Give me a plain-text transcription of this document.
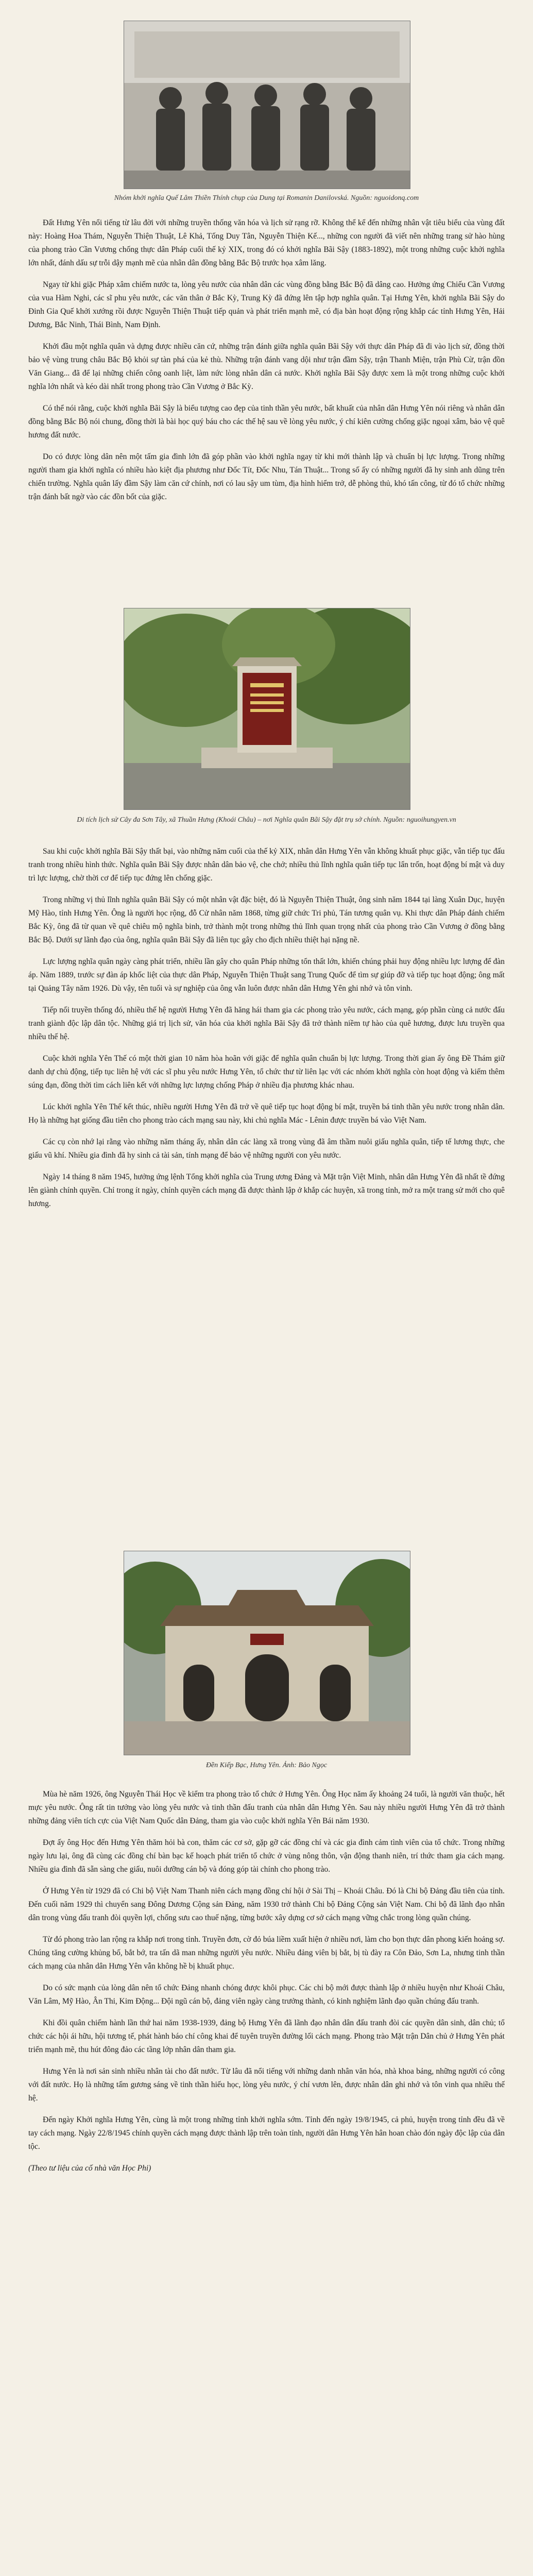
Nhóm khởi nghĩa Quế Lâm Thiền Thính chụp của Dung tại Romanin Danilovská. Nguồn: nguoidonq.com

Đất Hưng Yên nổi tiếng từ lâu đời với những truyền thống văn hóa và lịch sử rạng rỡ. Không thể kể đến những nhân vật tiêu biểu của vùng đất này: Hoàng Hoa Thám, Nguyễn Thiện Thuật, Lê Khả, Tống Duy Tân, Nguyễn Thiện Kế..., những con người đã viết nên những trang sử hào hùng của phong trào Cần Vương chống thực dân Pháp cuối thế kỷ XIX, trong đó có khởi nghĩa Bãi Sậy (1883-1892), một trong những cuộc khởi nghĩa lớn nhất, đánh dấu sự trỗi dậy mạnh mẽ của nhân dân đồng bằng Bắc Bộ trước họa xâm lăng.

Ngay từ khi giặc Pháp xâm chiếm nước ta, lòng yêu nước của nhân dân các vùng đồng bằng Bắc Bộ đã dâng cao. Hưởng ứng Chiếu Cần Vương của vua Hàm Nghi, các sĩ phu yêu nước, các văn thân ở Bắc Kỳ, Trung Kỳ đã đứng lên tập hợp nghĩa quân. Tại Hưng Yên, khởi nghĩa Bãi Sậy do Đinh Gia Quế khởi xướng rồi được Nguyễn Thiện Thuật tiếp quản và phát triển mạnh mẽ, có địa bàn hoạt động rộng khắp các tỉnh Hưng Yên, Hải Dương, Bắc Ninh, Thái Bình, Nam Định.

Khởi đầu một nghĩa quân và dựng được nhiều căn cứ, những trận đánh giữa nghĩa quân Bãi Sậy với thực dân Pháp đã đi vào lịch sử, đồng thời bảo vệ vùng trung châu Bắc Bộ khỏi sự tàn phá của kẻ thù. Những trận đánh vang dội như trận đầm Sậy, trận Thanh Miện, trận Phù Cừ, trận đồn Văn Giang... đã để lại những chiến công oanh liệt, làm nức lòng nhân dân cả nước. Khởi nghĩa Bãi Sậy được xem là một trong những cuộc khởi nghĩa lớn nhất và kéo dài nhất trong phong trào Cần Vương ở Bắc Kỳ.

Có thể nói rằng, cuộc khởi nghĩa Bãi Sậy là biểu tượng cao đẹp của tinh thần yêu nước, bất khuất của nhân dân Hưng Yên nói riêng và nhân dân đồng bằng Bắc Bộ nói chung, đồng thời là bài học quý báu cho các thế hệ sau về lòng yêu nước, ý chí kiên cường chống giặc ngoại xâm, bảo vệ quê hương đất nước.

Do có được lòng dân nên một tấm gia đình lớn đã góp phần vào khởi nghĩa ngay từ khi mới thành lập và chuẩn bị lực lượng. Trong những người tham gia khởi nghĩa có nhiều hào kiệt địa phương như Đốc Tít, Đốc Nhu, Tán Thuật... Trong số ấy có những người đã hy sinh anh dũng trên chiến trường. Nghĩa quân lấy đầm Sậy làm căn cứ chính, nơi có lau sậy um tùm, địa hình hiểm trở, dễ phòng thủ, khó tấn công, từ đó tổ chức những trận đánh bất ngờ vào các đồn bốt của giặc.

Di tích lịch sử Cây đa Sơn Tây, xã Thuần Hưng (Khoái Châu) – nơi Nghĩa quân Bãi Sậy đặt trụ sở chính. Nguồn: nguoihungyen.vn

Sau khi cuộc khởi nghĩa Bãi Sậy thất bại, vào những năm cuối của thế kỷ XIX, nhân dân Hưng Yên vẫn không khuất phục giặc, vẫn tiếp tục đấu tranh trong nhiều hình thức. Nghĩa quân Bãi Sậy được nhân dân bảo vệ, che chở; nhiều thủ lĩnh nghĩa quân tiếp tục lẩn trốn, hoạt động bí mật và duy trì lực lượng, chờ thời cơ để tiếp tục đứng lên chống giặc.

Trong những vị thủ lĩnh nghĩa quân Bãi Sậy có một nhân vật đặc biệt, đó là Nguyễn Thiện Thuật, ông sinh năm 1844 tại làng Xuân Dục, huyện Mỹ Hào, tỉnh Hưng Yên. Ông là người học rộng, đỗ Cử nhân năm 1868, từng giữ chức Tri phủ, Tán tương quân vụ. Khi thực dân Pháp đánh chiếm Bắc Kỳ, ông đã từ quan về quê chiêu mộ nghĩa binh, trở thành một trong những thủ lĩnh quan trọng nhất của phong trào Cần Vương ở đồng bằng Bắc Bộ. Dưới sự lãnh đạo của ông, nghĩa quân Bãi Sậy đã liên tục gây cho địch nhiều thiệt hại nặng nề.

Lực lượng nghĩa quân ngày càng phát triển, nhiều lần gây cho quân Pháp những tổn thất lớn, khiến chúng phải huy động nhiều lực lượng để đàn áp. Năm 1889, trước sự đàn áp khốc liệt của thực dân Pháp, Nguyễn Thiện Thuật sang Trung Quốc để tìm sự giúp đỡ và tiếp tục hoạt động; ông mất tại Quảng Tây năm 1926. Dù vậy, tên tuổi và sự nghiệp của ông vẫn luôn được nhân dân Hưng Yên ghi nhớ và tôn vinh.

Tiếp nối truyền thống đó, nhiều thế hệ người Hưng Yên đã hăng hái tham gia các phong trào yêu nước, cách mạng, góp phần cùng cả nước đấu tranh giành độc lập dân tộc. Những giá trị lịch sử, văn hóa của khởi nghĩa Bãi Sậy đã trở thành niềm tự hào của quê hương, được lưu truyền qua nhiều thế hệ.

Cuộc khởi nghĩa Yên Thế có một thời gian 10 năm hòa hoãn với giặc để nghĩa quân chuẩn bị lực lượng. Trong thời gian ấy ông Đề Thám giữ danh dự chủ động, tiếp tục liên hệ với các sĩ phu yêu nước Hưng Yên, tổ chức thư từ liên lạc với các nhóm khởi nghĩa còn hoạt động và kiếm thêm súng đạn, đồng thời tìm cách liên kết với những lực lượng chống Pháp ở nhiều địa phương khác nhau.

Lúc khởi nghĩa Yên Thế kết thúc, nhiều người Hưng Yên đã trở về quê tiếp tục hoạt động bí mật, truyền bá tinh thần yêu nước trong nhân dân. Họ là những hạt giống đầu tiên cho phong trào cách mạng sau này, khi chủ nghĩa Mác - Lênin được truyền bá vào Việt Nam.

Các cụ còn nhớ lại rằng vào những năm tháng ấy, nhân dân các làng xã trong vùng đã âm thầm nuôi giấu nghĩa quân, tiếp tế lương thực, che giấu vũ khí. Nhiều gia đình đã hy sinh cả tài sản, tính mạng để bảo vệ những người con yêu nước.

Ngày 14 tháng 8 năm 1945, hưởng ứng lệnh Tổng khởi nghĩa của Trung ương Đảng và Mặt trận Việt Minh, nhân dân Hưng Yên đã nhất tề đứng lên giành chính quyền. Chỉ trong ít ngày, chính quyền cách mạng đã được thành lập ở khắp các huyện, xã trong tỉnh, mở ra một trang sử mới cho quê hương.

Đền Kiếp Bạc, Hưng Yên. Ảnh: Bảo Ngọc

Mùa hè năm 1926, ông Nguyễn Thái Học về kiểm tra phong trào tổ chức ở Hưng Yên. Ông Học năm ấy khoảng 24 tuổi, là người văn thuộc, hết mực yêu nước. Ông rất tin tưởng vào lòng yêu nước và tinh thần đấu tranh của nhân dân Hưng Yên. Sau này nhiều người Hưng Yên đã trở thành những đảng viên tích cực của Việt Nam Quốc dân Đảng, tham gia vào cuộc khởi nghĩa Yên Bái năm 1930.

Đợt ấy ông Học đến Hưng Yên thăm hỏi bà con, thăm các cơ sở, gặp gỡ các đồng chí và các gia đình cảm tình viên của tổ chức. Trong những ngày lưu lại, ông đã cùng các đồng chí bàn bạc kế hoạch phát triển tổ chức ở vùng nông thôn, vận động thanh niên, trí thức tham gia cách mạng. Nhiều gia đình đã sẵn sàng che giấu, nuôi dưỡng cán bộ và đóng góp tài chính cho phong trào.

Ở Hưng Yên từ 1929 đã có Chi bộ Việt Nam Thanh niên cách mạng đồng chí hội ở Sài Thị – Khoái Châu. Đó là Chi bộ Đảng đầu tiên của tỉnh. Đến cuối năm 1929 thì chuyển sang Đông Dương Cộng sản Đảng, năm 1930 trở thành Chi bộ Đảng Cộng sản Việt Nam. Chi bộ đã lãnh đạo nhân dân trong vùng đấu tranh đòi quyền lợi, chống sưu cao thuế nặng, từng bước xây dựng cơ sở cách mạng vững chắc trong lòng quần chúng.

Từ đó phong trào lan rộng ra khắp nơi trong tỉnh. Truyền đơn, cờ đỏ búa liềm xuất hiện ở nhiều nơi, làm cho bọn thực dân phong kiến hoảng sợ. Chúng tăng cường khủng bố, bắt bớ, tra tấn dã man những người yêu nước. Nhiều đảng viên bị bắt, bị tù đày ra Côn Đảo, Sơn La, nhưng tinh thần cách mạng của nhân dân Hưng Yên vẫn không hề bị khuất phục.

Do có sức mạnh của lòng dân nên tổ chức Đảng nhanh chóng được khôi phục. Các chi bộ mới được thành lập ở nhiều huyện như Khoái Châu, Văn Lâm, Mỹ Hào, Ân Thi, Kim Động... Đội ngũ cán bộ, đảng viên ngày càng trưởng thành, có kinh nghiệm lãnh đạo quần chúng đấu tranh.

Khi đồi quân chiếm hành lần thứ hai năm 1938-1939, đảng bộ Hưng Yên đã lãnh đạo nhân dân đấu tranh đòi các quyền dân sinh, dân chủ; tổ chức các hội ái hữu, hội tương tế, phát hành báo chí công khai để tuyên truyền đường lối cách mạng. Phong trào Mặt trận Dân chủ ở Hưng Yên phát triển mạnh mẽ, thu hút đông đảo các tầng lớp nhân dân tham gia.

Hưng Yên là nơi sản sinh nhiều nhân tài cho đất nước. Từ lâu đã nổi tiếng với những danh nhân văn hóa, nhà khoa bảng, những người có công với đất nước. Họ là những tấm gương sáng về tinh thần hiếu học, lòng yêu nước, ý chí vươn lên, được nhân dân ghi nhớ và tôn vinh qua nhiều thế hệ.

Đến ngày Khởi nghĩa Hưng Yên, cùng là một trong những tỉnh khởi nghĩa sớm. Tỉnh đến ngày 19/8/1945, cả phủ, huyện trong tỉnh đều đã về tay cách mạng. Ngày 22/8/1945 chính quyền cách mạng được thành lập trên toàn tỉnh, người dân Hưng Yên hân hoan chào đón ngày độc lập của dân tộc.

(Theo tư liệu của cố nhà văn Học Phi)
